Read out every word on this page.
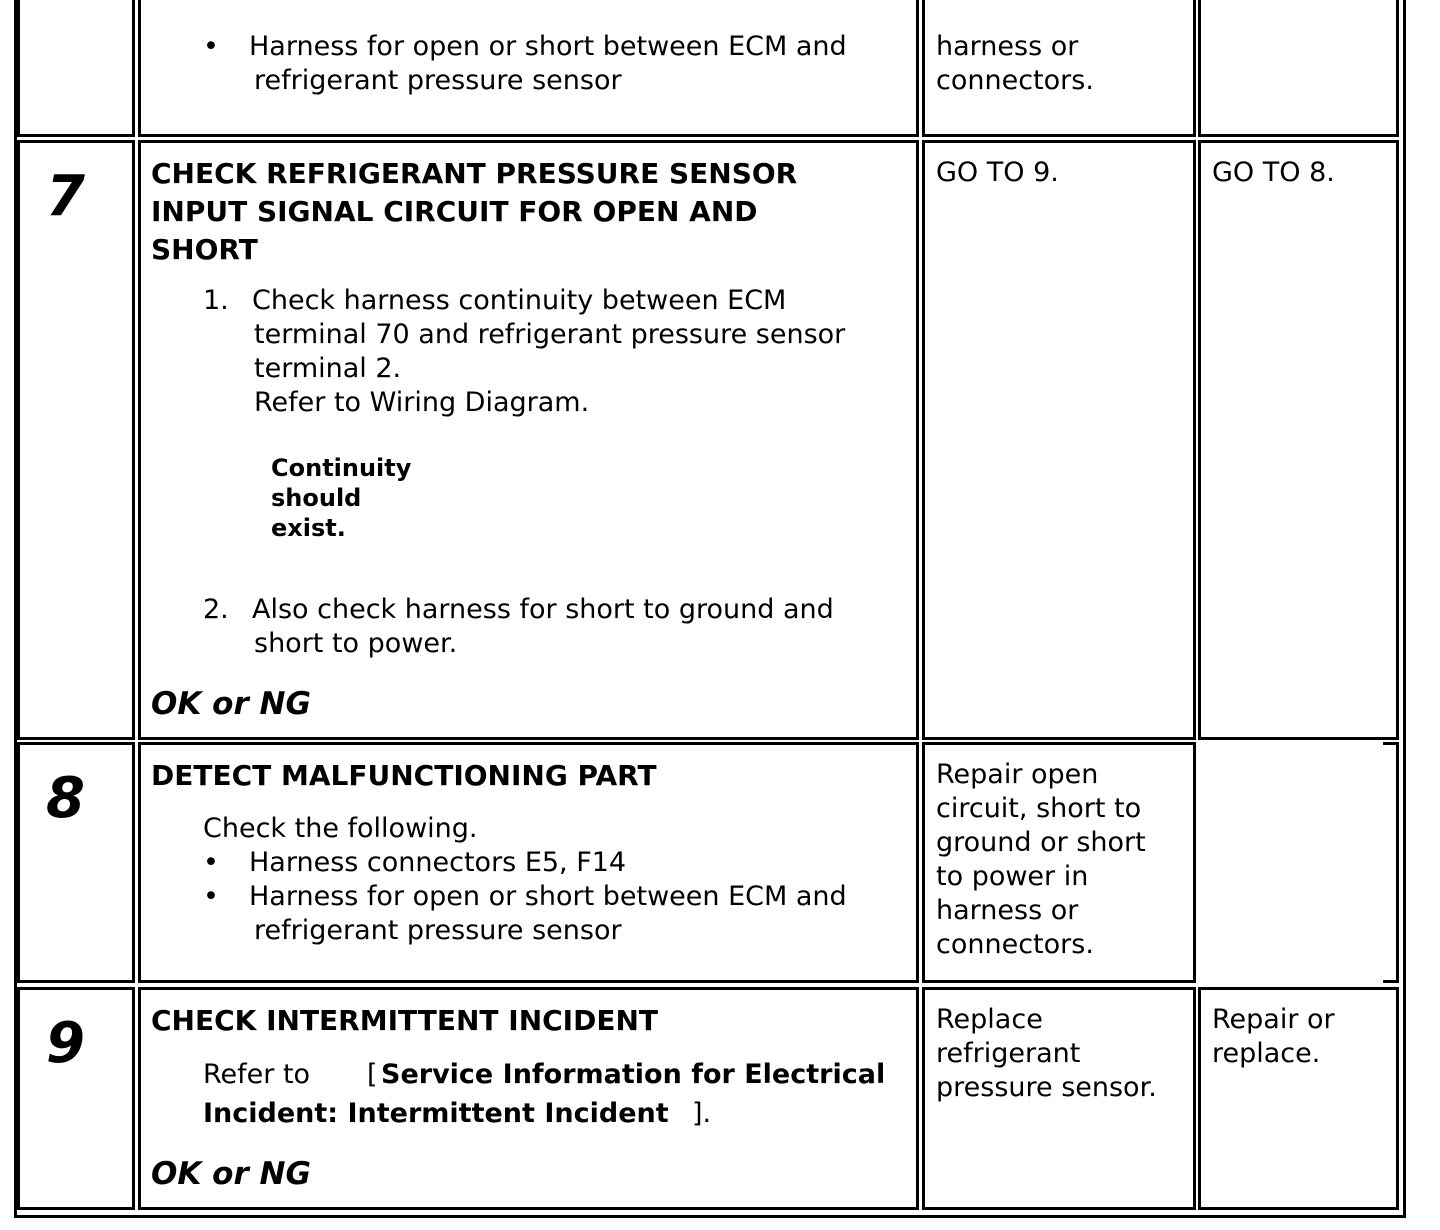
• Harness for open or short between ECM and
refrigerant pressure sensor
harness or
connectors.
7 CHECK REFRIGERANT PRESSURE SENSOR
INPUT SIGNAL CIRCUIT FOR OPEN AND
SHORT
1. Check harness continuity between ECM
terminal 70 and refrigerant pressure sensor
terminal 2.
Refer to Wiring Diagram.
Continuity
should
exist.
2. Also check harness for short to ground and
short to power.
OK or NG
GO TO 9.	GO TO 8.
8 DETECT MALFUNCTIONING PART
Check the following.
• Harness connectors E5, F14
• Harness for open or short between ECM and
refrigerant pressure sensor
Repair open
circuit, short to
ground or short
to power in
harness or
connectors.
9 CHECK INTERMITTENT INCIDENT
Refer to [ Service Information for Electrical
Incident: Intermittent Incident ].
OK or NG
Replace
refrigerant
pressure sensor.
Repair or
replace.
